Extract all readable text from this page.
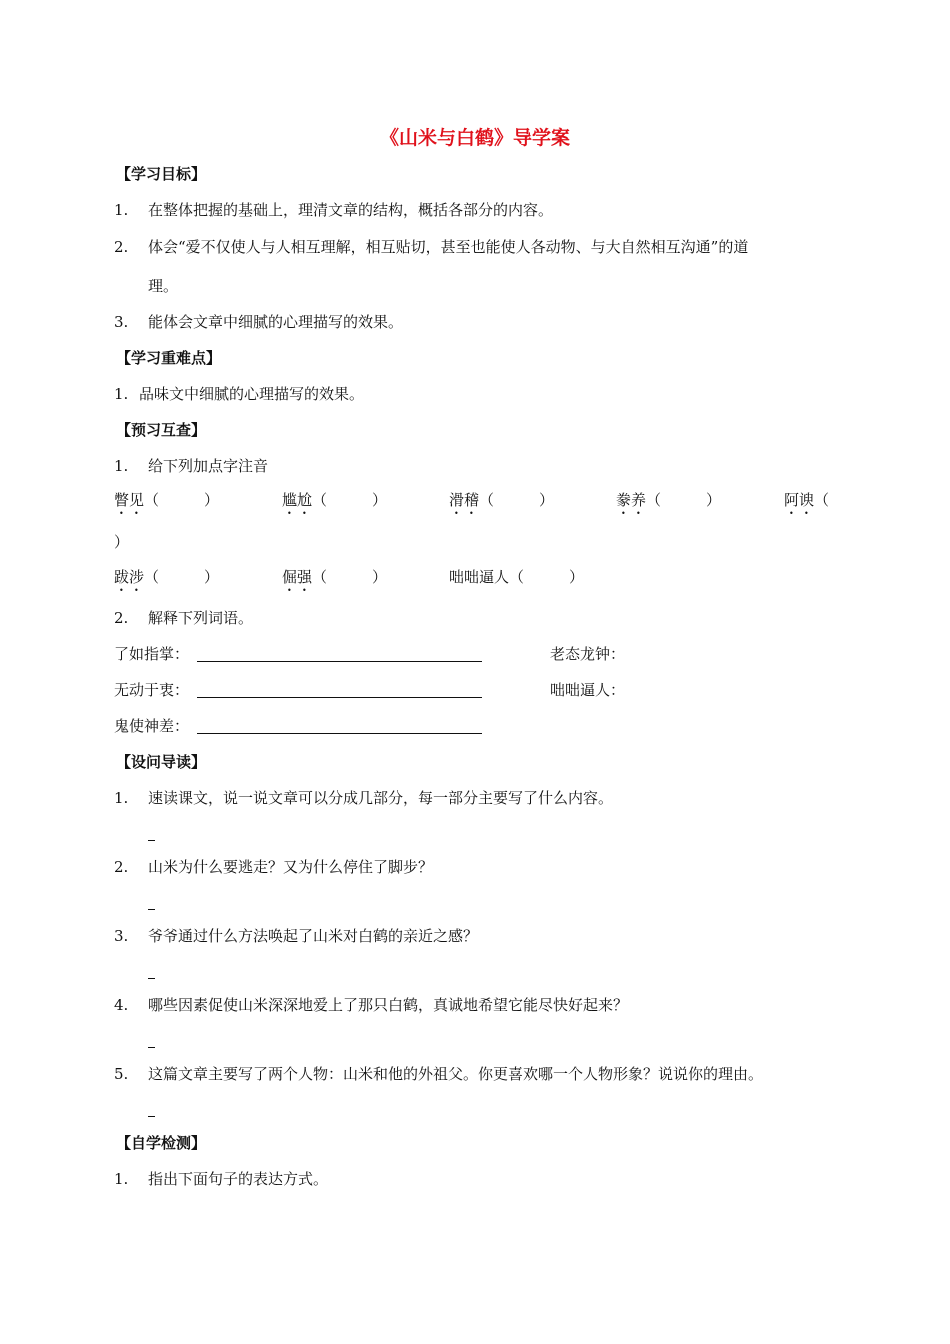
《山米与白鹤》导学案
【学习目标】
1. 在整体把握的基础上，理清文章的结构，概括各部分的内容。
2. 体会“爱不仅使人与人相互理解，相互贴切，甚至也能使人各动物、与大自然相互沟通”的道
理。
3. 能体会文章中细腻的心理描写的效果。
【学习重难点】
1. 品味文中细腻的心理描写的效果。
【预习互查】
1. 给下列加点字注音
瞥见（　　　）	尴尬（　　　）	滑稽（　　　）	豢养（　　　）	阿谀（
）
跋涉（　　　）	倔强（　　　）	咄咄逼人（　　　）
2. 解释下列词语。
了如指掌：	老态龙钟：
无动于衷：	咄咄逼人：
鬼使神差：
【设问导读】
1. 速读课文，说一说文章可以分成几部分，每一部分主要写了什么内容。
2. 山米为什么要逃走？又为什么停住了脚步？
3. 爷爷通过什么方法唤起了山米对白鹤的亲近之感？
4. 哪些因素促使山米深深地爱上了那只白鹤，真诚地希望它能尽快好起来？
5. 这篇文章主要写了两个人物：山米和他的外祖父。你更喜欢哪一个人物形象？说说你的理由。
【自学检测】
1. 指出下面句子的表达方式。
